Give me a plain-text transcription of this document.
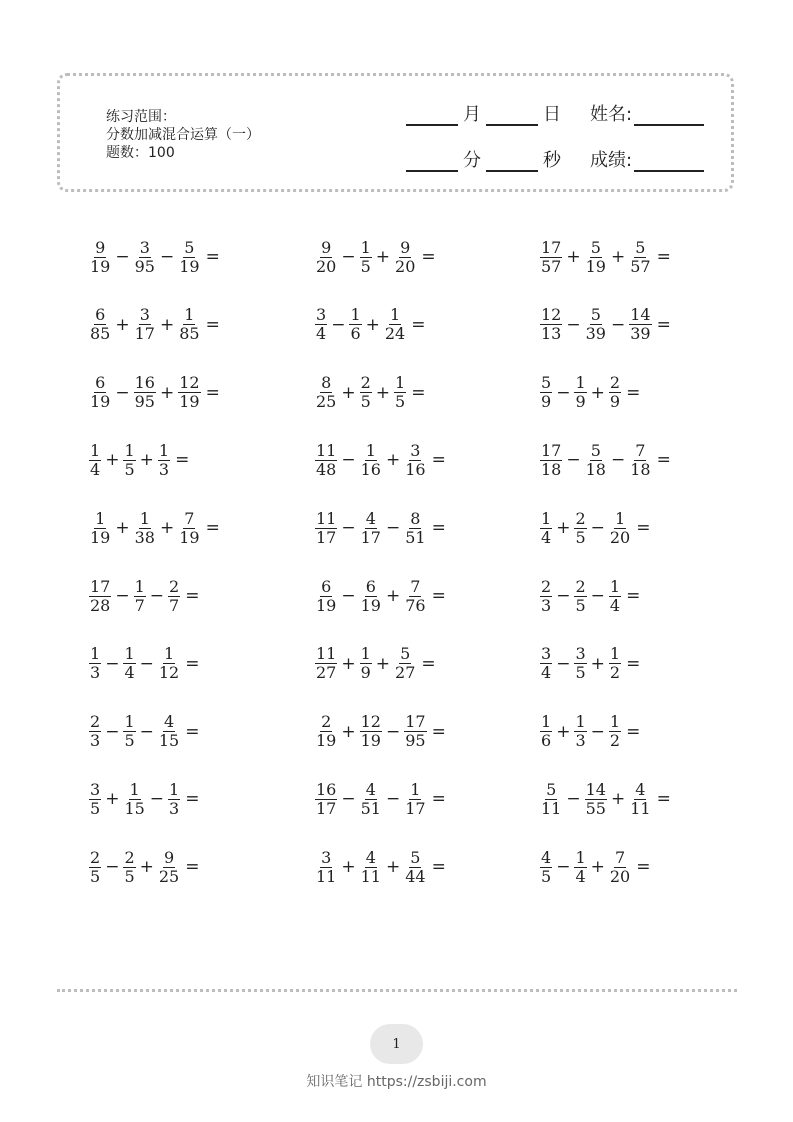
练习范围：
分数加减混合运算（一）
题数：100
月	日 姓名:
分	秒 成绩:
$\frac{9}{19} - \frac{3}{95} - \frac{5}{19}$ =	$\frac{9}{20} - \frac{1}{5} + \frac{9}{20}$ =	$\frac{17}{57} + \frac{5}{19} + \frac{5}{57}$ =
$\frac{6}{85} + \frac{3}{17} + \frac{1}{85}$ =	$\frac{3}{4} - \frac{1}{6} + \frac{1}{24}$ =	$\frac{12}{13} - \frac{5}{39} - \frac{14}{39}$ =
$\frac{6}{19} - \frac{16}{95} + \frac{12}{19}$ =	$\frac{8}{25} + \frac{2}{5} + \frac{1}{5}$ =	$\frac{5}{9} - \frac{1}{9} + \frac{2}{9}$ =
$\frac{1}{4} + \frac{1}{5} + \frac{1}{3}$ =	$\frac{11}{48} - \frac{1}{16} + \frac{3}{16}$ =	$\frac{17}{18} - \frac{5}{18} - \frac{7}{18}$ =
$\frac{1}{19} + \frac{1}{38} + \frac{7}{19}$ =	$\frac{11}{17} - \frac{4}{17} - \frac{8}{51}$ =	$\frac{1}{4} + \frac{2}{5} - \frac{1}{20}$ =
$\frac{17}{28} - \frac{1}{7} - \frac{2}{7}$ =	$\frac{6}{19} - \frac{6}{19} + \frac{7}{76}$ =	$\frac{2}{3} - \frac{2}{5} - \frac{1}{4}$ =
$\frac{1}{3} - \frac{1}{4} - \frac{1}{12}$ =	$\frac{11}{27} + \frac{1}{9} + \frac{5}{27}$ =	$\frac{3}{4} - \frac{3}{5} + \frac{1}{2}$ =
$\frac{2}{3} - \frac{1}{5} - \frac{4}{15}$ =	$\frac{2}{19} + \frac{12}{19} - \frac{17}{95}$ =	$\frac{1}{6} + \frac{1}{3} - \frac{1}{2}$ =
$\frac{3}{5} + \frac{1}{15} - \frac{1}{3}$ =	$\frac{16}{17} - \frac{4}{51} - \frac{1}{17}$ =	$\frac{5}{11} - \frac{14}{55} + \frac{4}{11}$ =
$\frac{2}{5} - \frac{2}{5} + \frac{9}{25}$ =	$\frac{3}{11} + \frac{4}{11} + \frac{5}{44}$ =	$\frac{4}{5} - \frac{1}{4} + \frac{7}{20}$ =
1
知识笔记 https://zsbiji.com
